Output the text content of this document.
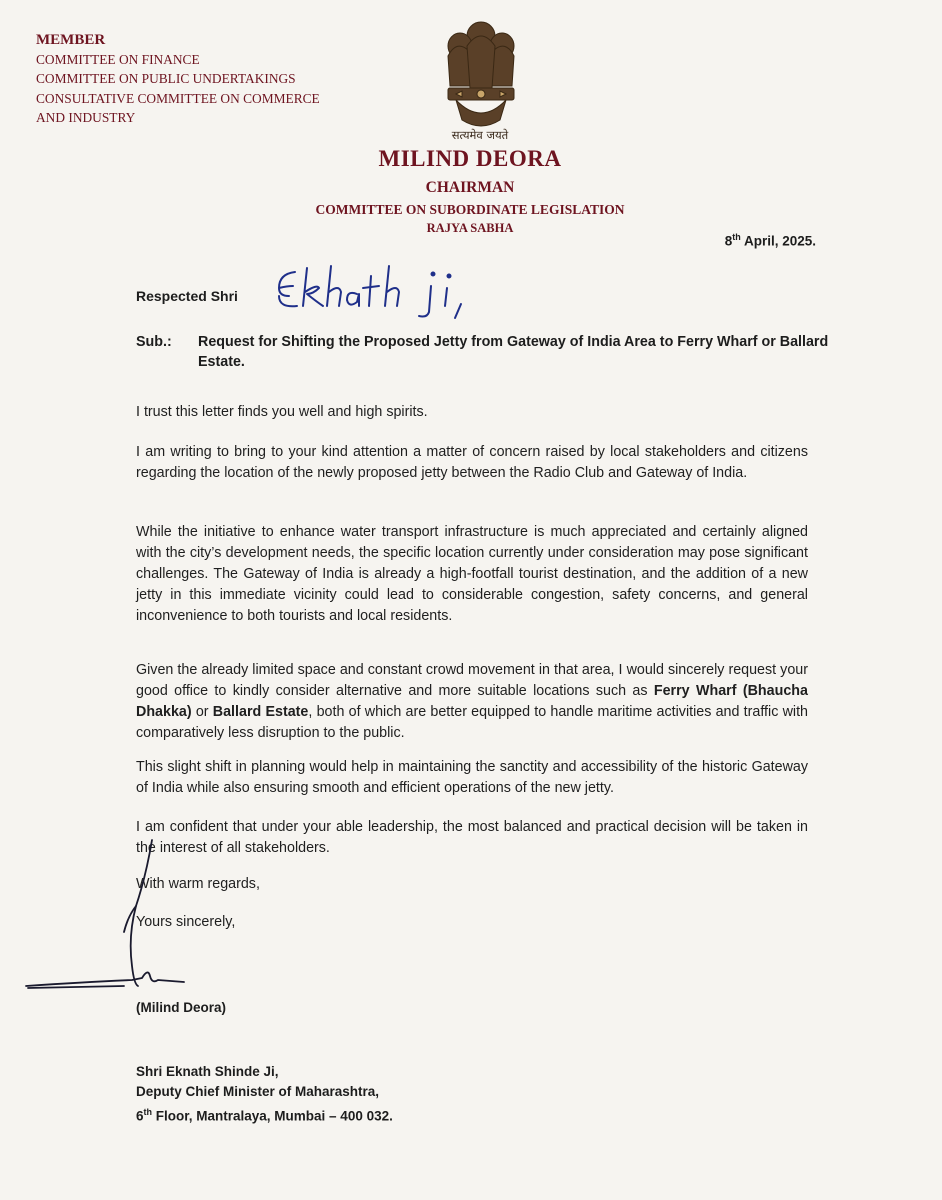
MEMBER
COMMITTEE ON FINANCE
COMMITTEE ON PUBLIC UNDERTAKINGS
CONSULTATIVE COMMITTEE ON COMMERCE
AND INDUSTRY
सत्यमेव जयते
MILIND DEORA
CHAIRMAN
COMMITTEE ON SUBORDINATE LEGISLATION
RAJYA SABHA
8th April, 2025.
Respected Shri
Sub.: Request for Shifting the Proposed Jetty from Gateway of India Area to Ferry Wharf or Ballard Estate.

I trust this letter finds you well and high spirits.

I am writing to bring to your kind attention a matter of concern raised by local stakeholders and citizens regarding the location of the newly proposed jetty between the Radio Club and Gateway of India.

While the initiative to enhance water transport infrastructure is much appreciated and certainly aligned with the city’s development needs, the specific location currently under consideration may pose significant challenges. The Gateway of India is already a high-footfall tourist destination, and the addition of a new jetty in this immediate vicinity could lead to considerable congestion, safety concerns, and general inconvenience to both tourists and local residents.

Given the already limited space and constant crowd movement in that area, I would sincerely request your good office to kindly consider alternative and more suitable locations such as Ferry Wharf (Bhaucha Dhakka) or Ballard Estate, both of which are better equipped to handle maritime activities and traffic with comparatively less disruption to the public.

This slight shift in planning would help in maintaining the sanctity and accessibility of the historic Gateway of India while also ensuring smooth and efficient operations of the new jetty.

I am confident that under your able leadership, the most balanced and practical decision will be taken in the interest of all stakeholders.

With warm regards,
Yours sincerely,
(Milind Deora)
Shri Eknath Shinde Ji,
Deputy Chief Minister of Maharashtra,
6th Floor, Mantralaya, Mumbai – 400 032.
